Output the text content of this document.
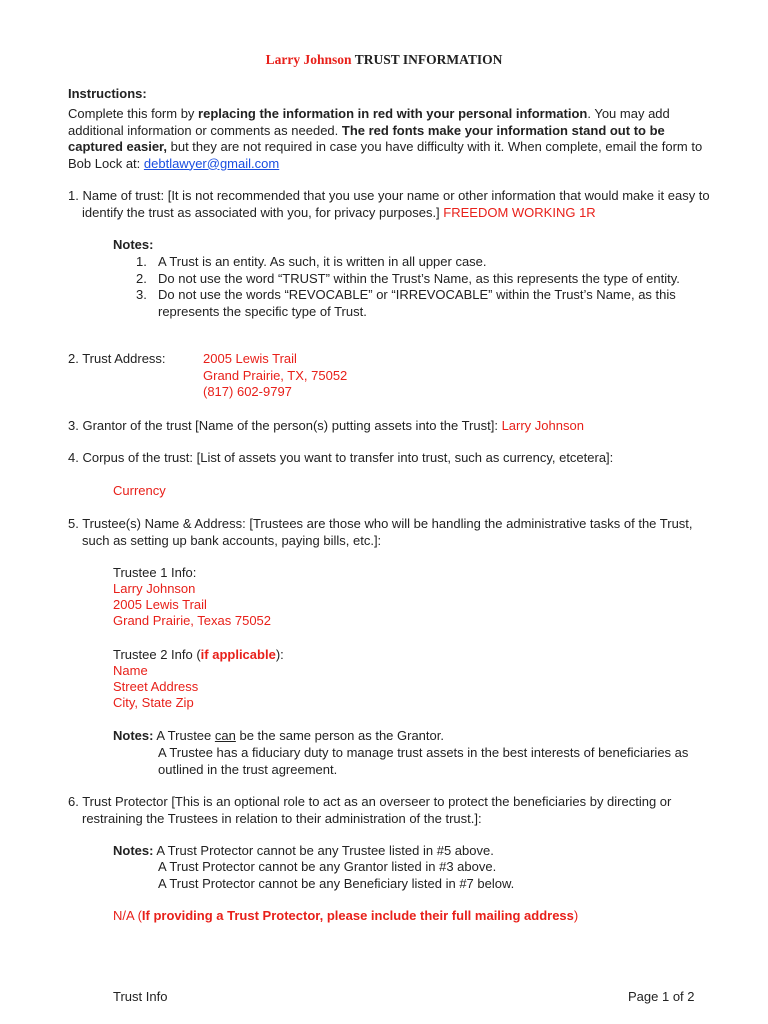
Larry Johnson TRUST INFORMATION
Instructions:
Complete this form by replacing the information in red with your personal information. You may add additional information or comments as needed. The red fonts make your information stand out to be captured easier, but they are not required in case you have difficulty with it. When complete, email the form to Bob Lock at: debtlawyer@gmail.com
1. Name of trust: [It is not recommended that you use your name or other information that would make it easy to identify the trust as associated with you, for privacy purposes.] FREEDOM WORKING 1R
Notes:
1. A Trust is an entity. As such, it is written in all upper case.
2. Do not use the word “TRUST” within the Trust’s Name, as this represents the type of entity.
3. Do not use the words “REVOCABLE” or “IRREVOCABLE” within the Trust’s Name, as this represents the specific type of Trust.
2. Trust Address:	2005 Lewis Trail
Grand Prairie, TX, 75052
(817) 602-9797
3. Grantor of the trust [Name of the person(s) putting assets into the Trust]: Larry Johnson
4. Corpus of the trust: [List of assets you want to transfer into trust, such as currency, etcetera]:
Currency
5. Trustee(s) Name & Address: [Trustees are those who will be handling the administrative tasks of the Trust, such as setting up bank accounts, paying bills, etc.]:
Trustee 1 Info:
Larry Johnson
2005 Lewis Trail
Grand Prairie, Texas 75052
Trustee 2 Info (if applicable):
Name
Street Address
City, State Zip
Notes: A Trustee can be the same person as the Grantor.
A Trustee has a fiduciary duty to manage trust assets in the best interests of beneficiaries as outlined in the trust agreement.
6. Trust Protector [This is an optional role to act as an overseer to protect the beneficiaries by directing or restraining the Trustees in relation to their administration of the trust.]:
Notes: A Trust Protector cannot be any Trustee listed in #5 above.
A Trust Protector cannot be any Grantor listed in #3 above.
A Trust Protector cannot be any Beneficiary listed in #7 below.
N/A (If providing a Trust Protector, please include their full mailing address)
Trust Info	Page 1 of 2
